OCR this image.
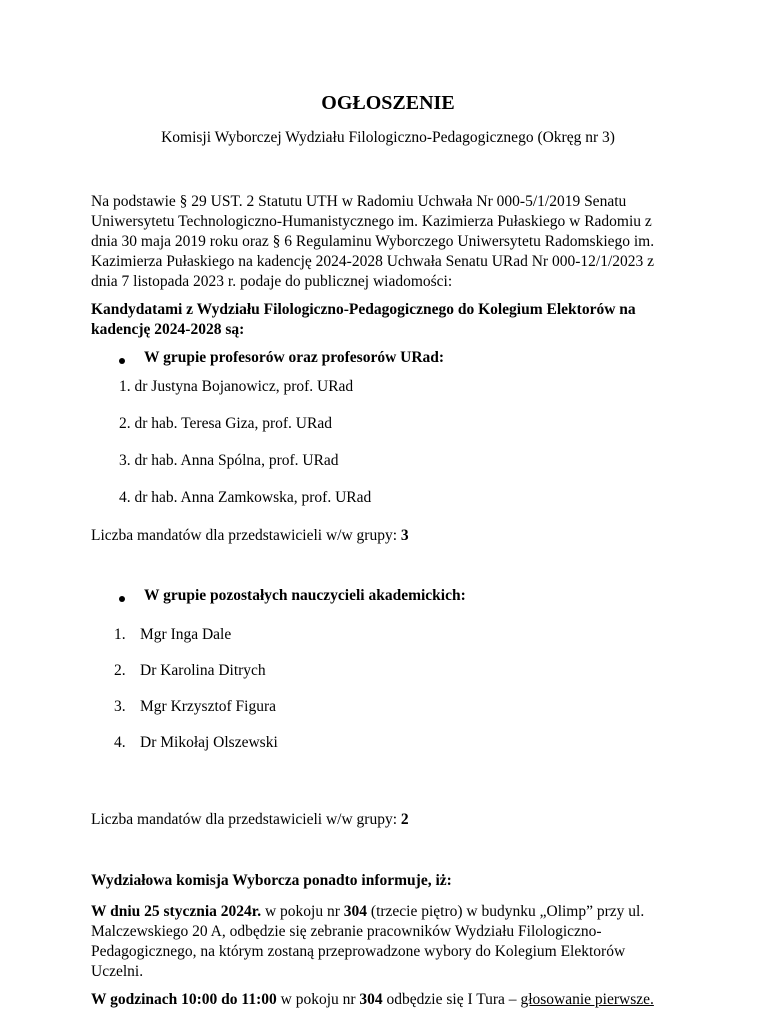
OGŁOSZENIE
Komisji Wyborczej Wydziału Filologiczno-Pedagogicznego (Okręg nr 3)
Na podstawie § 29 UST. 2 Statutu UTH w Radomiu Uchwała Nr 000-5/1/2019 Senatu
Uniwersytetu Technologiczno-Humanistycznego im. Kazimierza Pułaskiego w Radomiu z
dnia 30 maja 2019 roku oraz § 6 Regulaminu Wyborczego Uniwersytetu Radomskiego im.
Kazimierza Pułaskiego na kadencję 2024-2028 Uchwała Senatu URad Nr 000-12/1/2023 z
dnia 7 listopada 2023 r. podaje do publicznej wiadomości:
Kandydatami z Wydziału Filologiczno-Pedagogicznego do Kolegium Elektorów na
kadencję 2024-2028 są:
W grupie profesorów oraz profesorów URad:
1. dr Justyna Bojanowicz, prof. URad
2. dr hab. Teresa Giza, prof. URad
3. dr hab. Anna Spólna, prof. URad
4. dr hab. Anna Zamkowska, prof. URad
Liczba mandatów dla przedstawicieli w/w grupy: 3
W grupie pozostałych nauczycieli akademickich:
1. Mgr Inga Dale
2. Dr Karolina Ditrych
3. Mgr Krzysztof Figura
4. Dr Mikołaj Olszewski
Liczba mandatów dla przedstawicieli w/w grupy: 2
Wydziałowa komisja Wyborcza ponadto informuje, iż:
W dniu 25 stycznia 2024r. w pokoju nr 304 (trzecie piętro) w budynku „Olimp” przy ul.
Malczewskiego 20 A, odbędzie się zebranie pracowników Wydziału Filologiczno-
Pedagogicznego, na którym zostaną przeprowadzone wybory do Kolegium Elektorów
Uczelni.
W godzinach 10:00 do 11:00 w pokoju nr 304 odbędzie się I Tura – głosowanie pierwsze.
